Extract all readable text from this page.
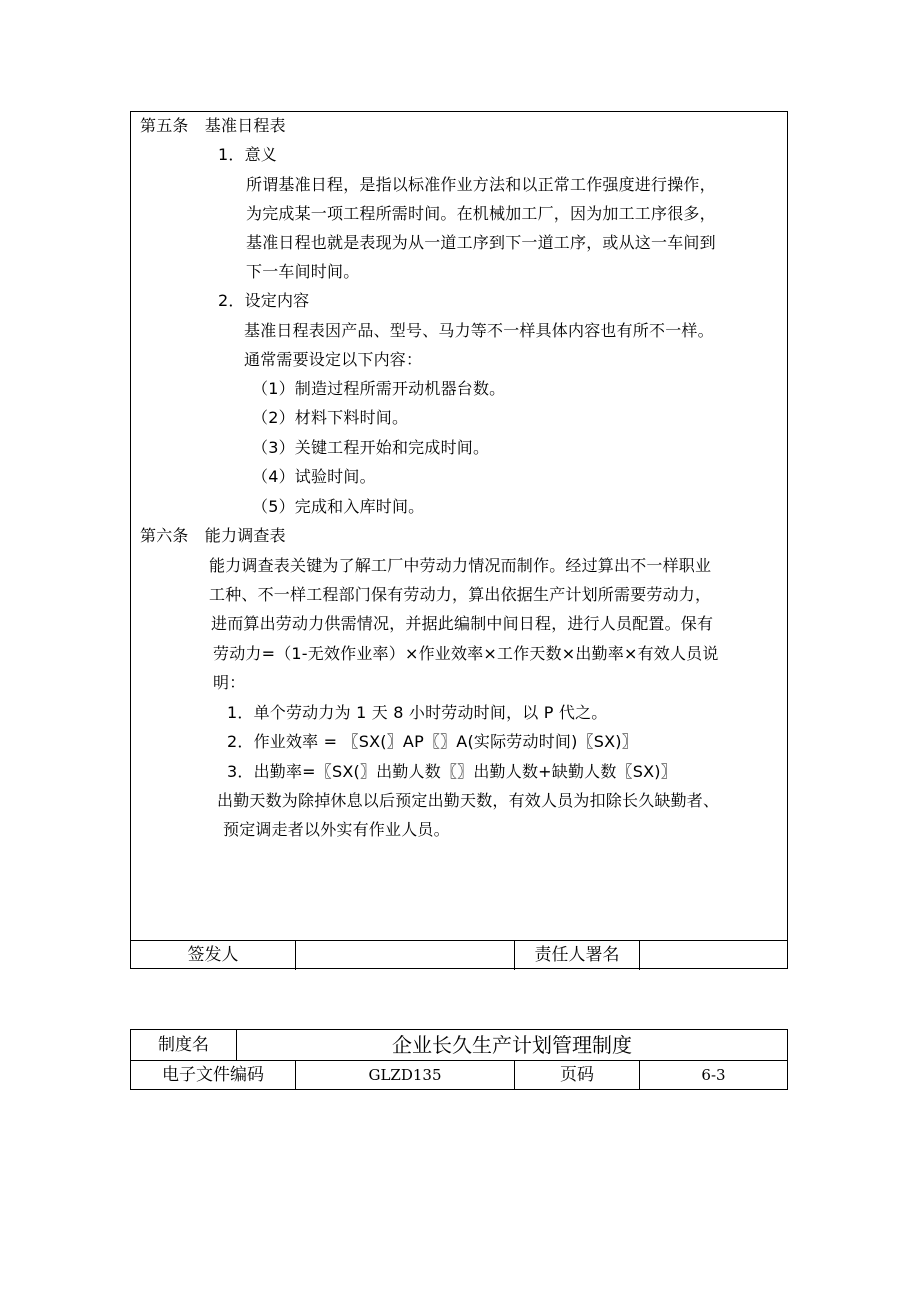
第五条　基准日程表
1．意义
所谓基准日程，是指以标准作业方法和以正常工作强度进行操作，
为完成某一项工程所需时间。在机械加工厂，因为加工工序很多，
基准日程也就是表现为从一道工序到下一道工序，或从这一车间到
下一车间时间。
2．设定内容
基准日程表因产品、型号、马力等不一样具体内容也有所不一样。
通常需要设定以下内容：
（1）制造过程所需开动机器台数。
（2）材料下料时间。
（3）关键工程开始和完成时间。
（4）试验时间。
（5）完成和入库时间。
第六条　能力调查表
能力调查表关键为了解工厂中劳动力情况而制作。经过算出不一样职业
工种、不一样工程部门保有劳动力，算出依据生产计划所需要劳动力，
进而算出劳动力供需情况，并据此编制中间日程，进行人员配置。保有
劳动力=（1-无效作业率）×作业效率×工作天数×出勤率×有效人员说
明：
1．单个劳动力为 1 天 8 小时劳动时间，以 P 代之。
2．作业效率 = 〖SX(〗AP〖〗A(实际劳动时间)〖SX)〗
3．出勤率=〖SX(〗出勤人数〖〗出勤人数+缺勤人数〖SX)〗
出勤天数为除掉休息以后预定出勤天数，有效人员为扣除长久缺勤者、
预定调走者以外实有作业人员。
签发人	责任人署名
制度名	企业长久生产计划管理制度
电子文件编码	GLZD135	页码	6-3
